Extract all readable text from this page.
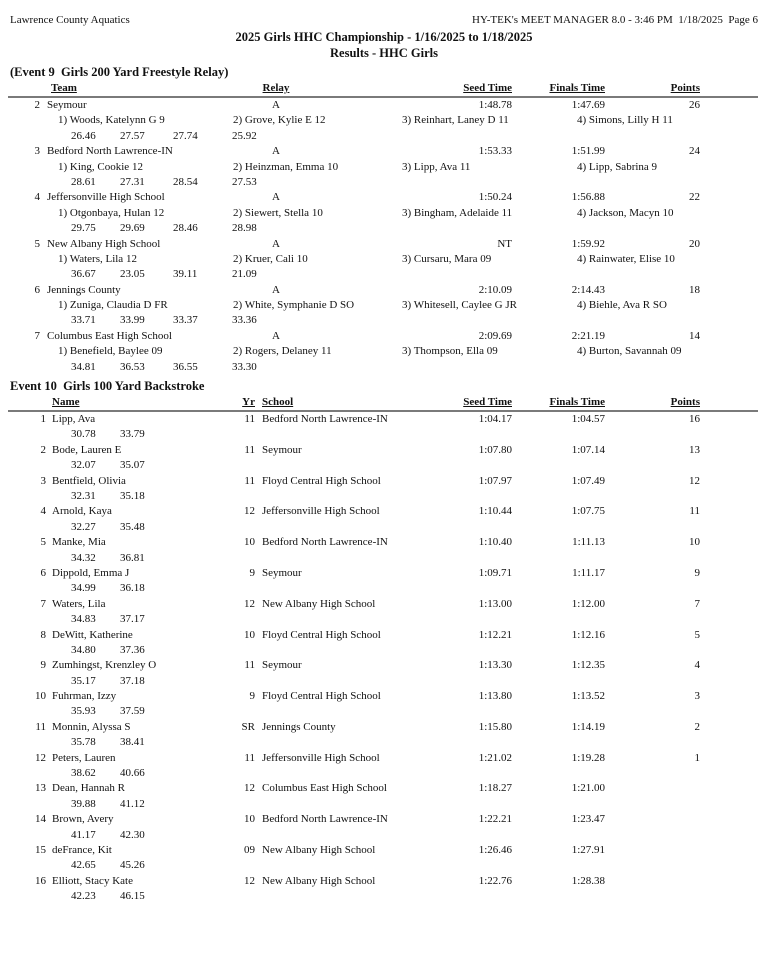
Lawrence County Aquatics

	HY-TEK's MEET MANAGER 8.0 - 3:46 PM  1/18/2025  Page 6

2025 Girls HHC Championship - 1/16/2025 to 1/18/2025
Results - HHC Girls
(Event 9  Girls 200 Yard Freestyle Relay)
Team	Relay	Seed Time	Finals Time	Points
2 Seymour	A	1:48.78	1:47.69	26
1) Woods, Katelynn G 9	2) Grove, Kylie E 12	3) Reinhart, Laney D 11	4) Simons, Lilly H 11
26.46 27.57	27.74	25.92
3 Bedford North Lawrence-IN	A	1:53.33	1:51.99	24
1) King, Cookie 12	2) Heinzman, Emma 10	3) Lipp, Ava 11	4) Lipp, Sabrina 9
28.61 27.31	28.54	27.53
4 Jeffersonville High School	A	1:50.24	1:56.88	22
1) Otgonbaya, Hulan 12	2) Siewert, Stella 10	3) Bingham, Adelaide 11	4) Jackson, Macyn 10
29.75 29.69	28.46	28.98
5 New Albany High School	A	NT	1:59.92	20
1) Waters, Lila 12	2) Kruer, Cali 10	3) Cursaru, Mara 09	4) Rainwater, Elise 10
36.67 23.05	39.11	21.09
6 Jennings County	A	2:10.09	2:14.43	18
1) Zuniga, Claudia D FR	2) White, Symphanie D SO	3) Whitesell, Caylee G JR	4) Biehle, Ava R SO
33.71 33.99	33.37	33.36
7 Columbus East High School	A	2:09.69	2:21.19	14
1) Benefield, Baylee 09	2) Rogers, Delaney 11	3) Thompson, Ella 09	4) Burton, Savannah 09
34.81 36.53	36.55	33.30
Event 10  Girls 100 Yard Backstroke
Name	Yr School	Seed Time	Finals Time	Points
1 Lipp, Ava	11 Bedford North Lawrence-IN	1:04.17	1:04.57	16
30.78 33.79
2 Bode, Lauren E	11 Seymour	1:07.80	1:07.14	13
32.07 35.07
3 Bentfield, Olivia	11 Floyd Central High School	1:07.97	1:07.49	12
32.31 35.18
4 Arnold, Kaya	12 Jeffersonville High School	1:10.44	1:07.75	11
32.27 35.48
5 Manke, Mia	10 Bedford North Lawrence-IN	1:10.40	1:11.13	10
34.32 36.81
6 Dippold, Emma J	9 Seymour	1:09.71	1:11.17	9
34.99 36.18
7 Waters, Lila	12 New Albany High School	1:13.00	1:12.00	7
34.83 37.17
8 DeWitt, Katherine	10 Floyd Central High School	1:12.21	1:12.16	5
34.80 37.36
9 Zumhingst, Krenzley O	11 Seymour	1:13.30	1:12.35	4
35.17 37.18
10 Fuhrman, Izzy	9 Floyd Central High School	1:13.80	1:13.52	3
35.93 37.59
11 Monnin, Alyssa S	SR Jennings County	1:15.80	1:14.19	2
35.78 38.41
12 Peters, Lauren	11 Jeffersonville High School	1:21.02	1:19.28	1
38.62 40.66
13 Dean, Hannah R	12 Columbus East High School	1:18.27	1:21.00
39.88 41.12
14 Brown, Avery	10 Bedford North Lawrence-IN	1:22.21	1:23.47
41.17 42.30
15 deFrance, Kit	09 New Albany High School	1:26.46	1:27.91
42.65 45.26
16 Elliott, Stacy Kate	12 New Albany High School	1:22.76	1:28.38
42.23 46.15
